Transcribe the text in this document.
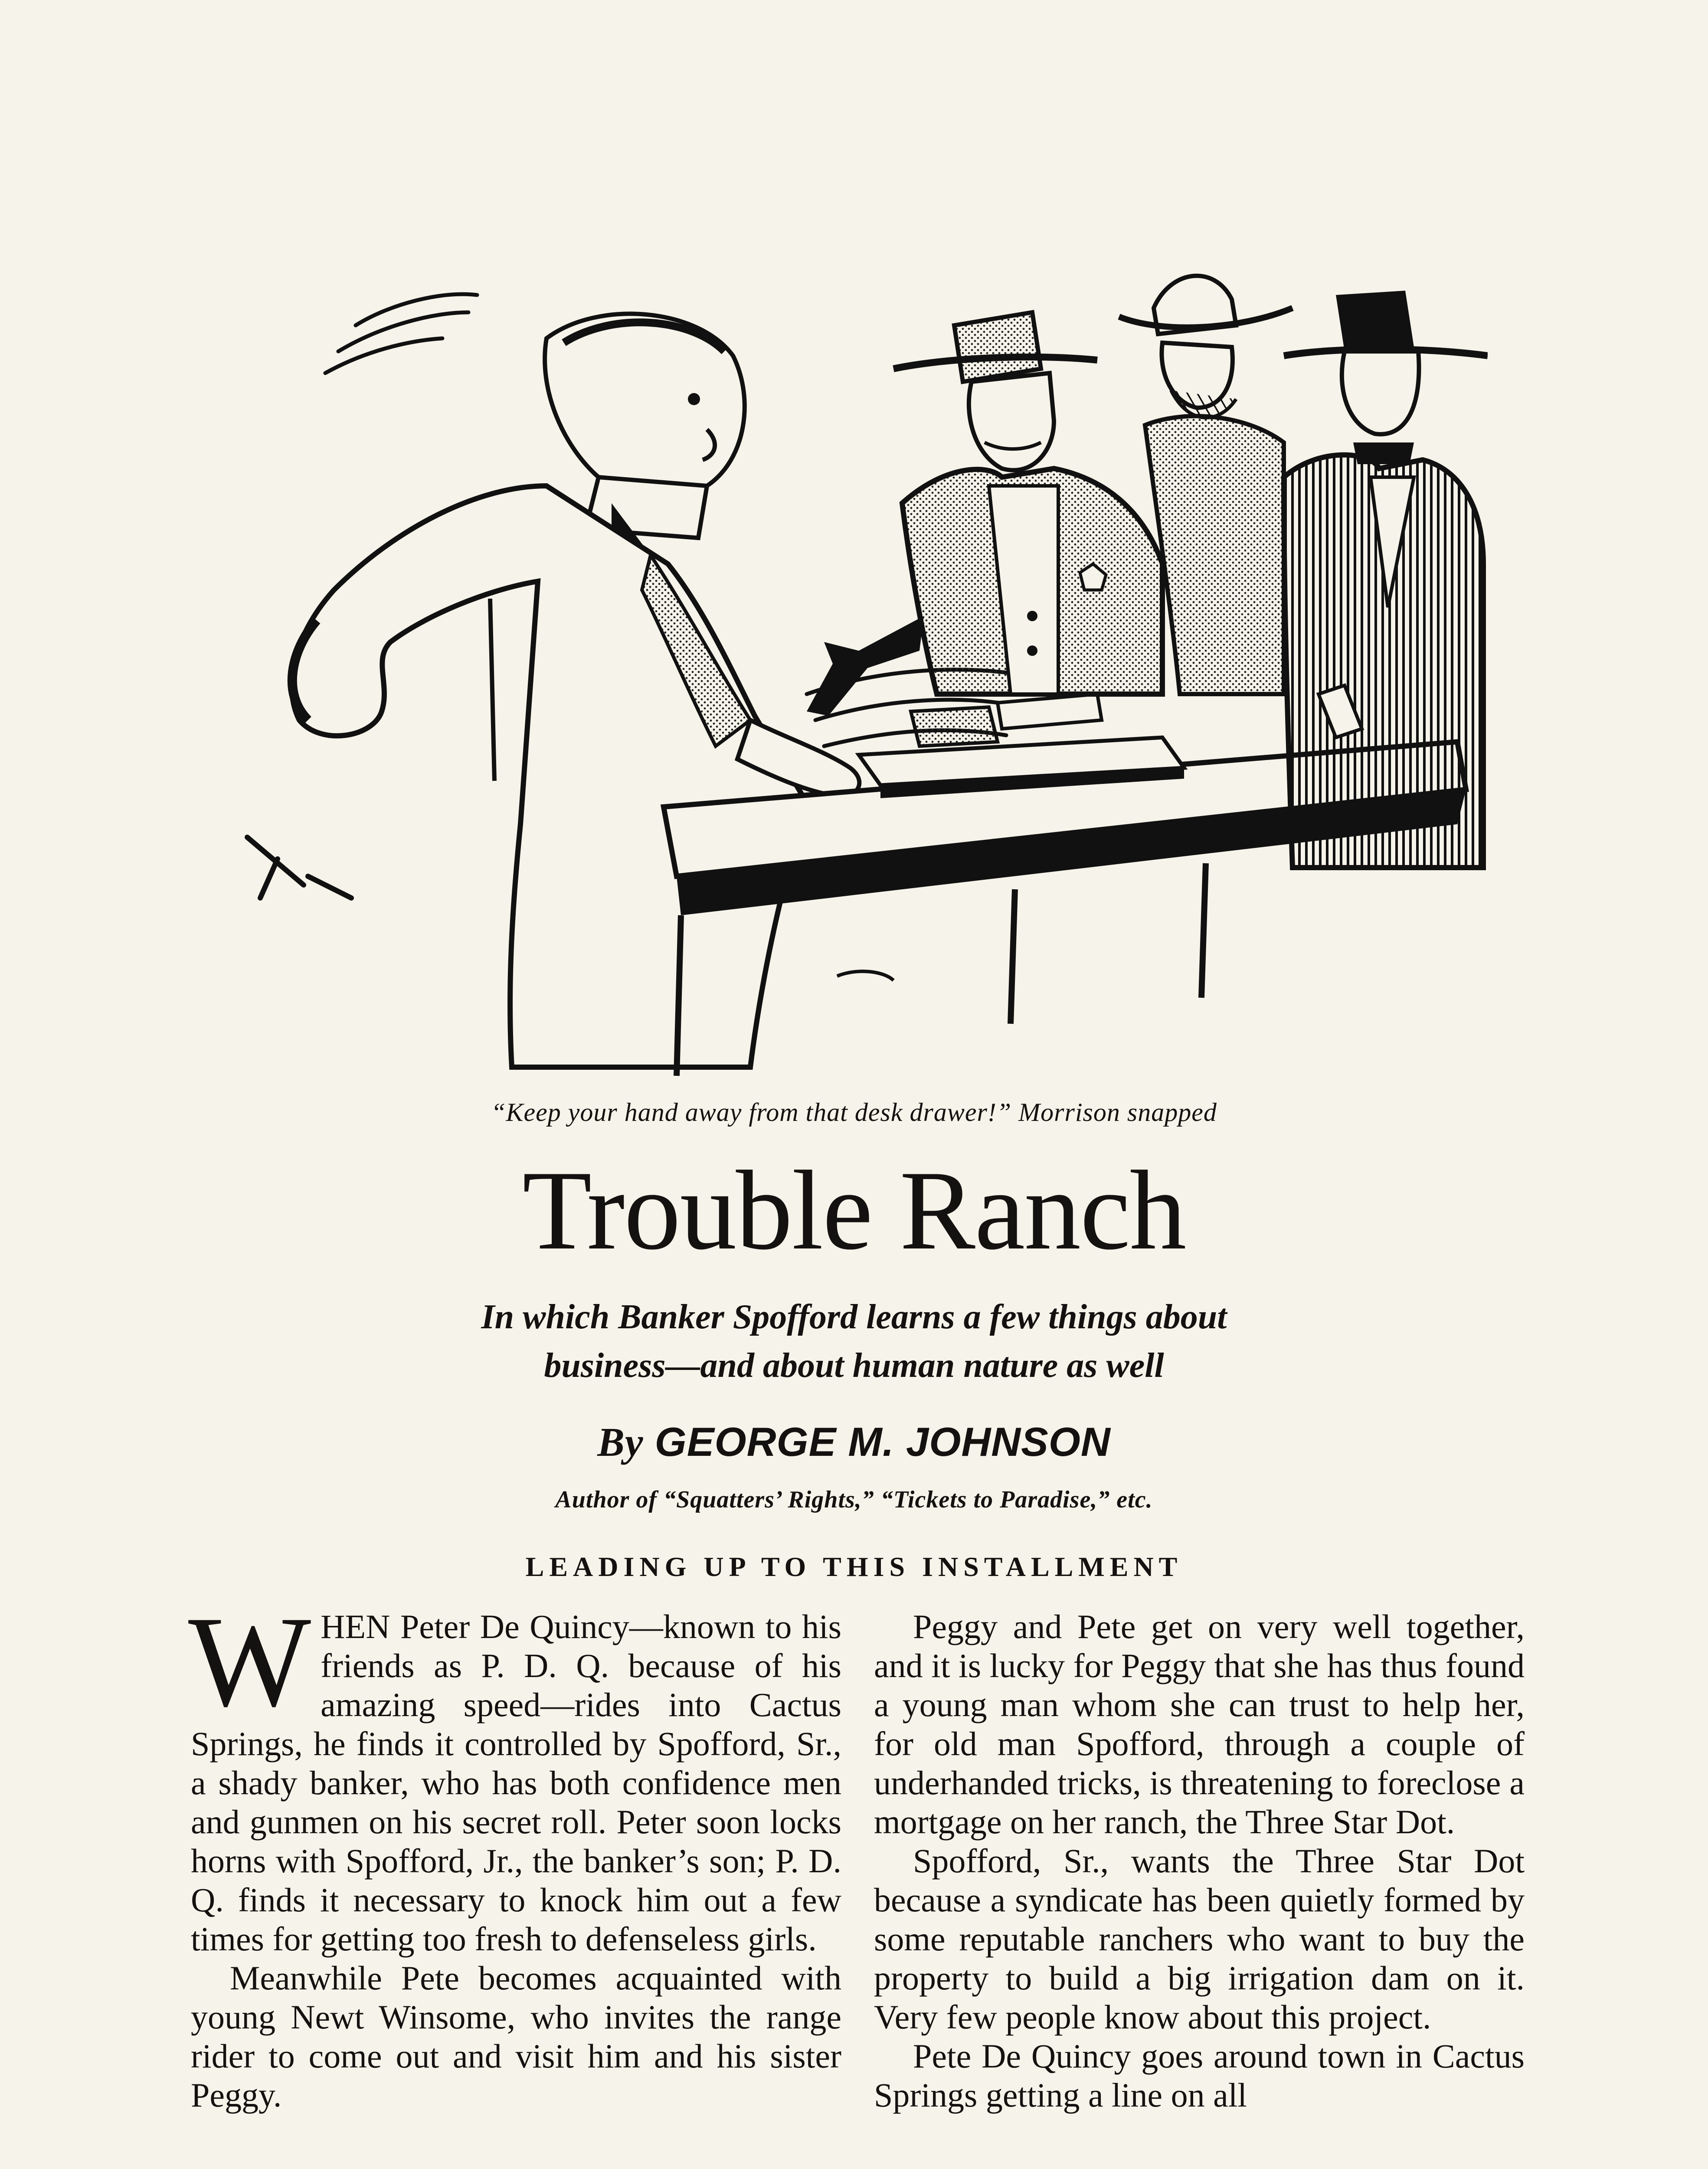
“Keep your hand away from that desk drawer!” Morrison snapped
Trouble Ranch
In which Banker Spofford learns a few things about
business—and about human nature as well
By GEORGE M. JOHNSON
Author of “Squatters’ Rights,” “Tickets to Paradise,” etc.
LEADING UP TO THIS INSTALLMENT

WHEN Peter De Quincy—known to his friends as P. D. Q. because of his amazing speed—rides into Cactus Springs, he finds it controlled by Spofford, Sr., a shady banker, who has both confidence men and gunmen on his secret roll. Peter soon locks horns with Spofford, Jr., the banker’s son; P. D. Q. finds it necessary to knock him out a few times for getting too fresh to defenseless girls.

Meanwhile Pete becomes acquainted with young Newt Winsome, who invites the range rider to come out and visit him and his sister Peggy.

Peggy and Pete get on very well together, and it is lucky for Peggy that she has thus found a young man whom she can trust to help her, for old man Spofford, through a couple of underhanded tricks, is threatening to foreclose a mortgage on her ranch, the Three Star Dot.

Spofford, Sr., wants the Three Star Dot because a syndicate has been quietly formed by some reputable ranchers who want to buy the property to build a big irrigation dam on it. Very few people know about this project.

Pete De Quincy goes around town in Cactus Springs getting a line on all
